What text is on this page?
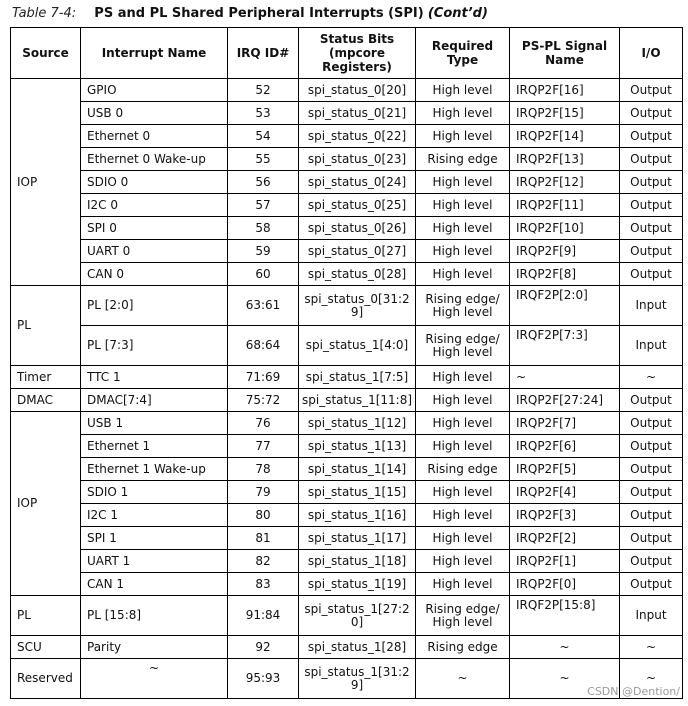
Table 7-4: PS and PL Shared Peripheral Interrupts (SPI) (Cont’d)
Source	Interrupt Name	IRQ ID#	Status Bits (mpcore Registers)	Required Type	PS-PL Signal Name	I/O
IOP	GPIO	52	spi_status_0[20]	High level	IRQP2F[16]	Output
	USB 0	53	spi_status_0[21]	High level	IRQP2F[15]	Output
	Ethernet 0	54	spi_status_0[22]	High level	IRQP2F[14]	Output
	Ethernet 0 Wake-up	55	spi_status_0[23]	Rising edge	IRQP2F[13]	Output
	SDIO 0	56	spi_status_0[24]	High level	IRQP2F[12]	Output
	I2C 0	57	spi_status_0[25]	High level	IRQP2F[11]	Output
	SPI 0	58	spi_status_0[26]	High level	IRQP2F[10]	Output
	UART 0	59	spi_status_0[27]	High level	IRQP2F[9]	Output
	CAN 0	60	spi_status_0[28]	High level	IRQP2F[8]	Output
PL	PL [2:0]	63:61	spi_status_0[31:29]	Rising edge/ High level	IRQF2P[2:0]	Input
	PL [7:3]	68:64	spi_status_1[4:0]	Rising edge/ High level	IRQF2P[7:3]	Input
Timer	TTC 1	71:69	spi_status_1[7:5]	High level	~	~
DMAC	DMAC[7:4]	75:72	spi_status_1[11:8]	High level	IRQP2F[27:24]	Output
IOP	USB 1	76	spi_status_1[12]	High level	IRQP2F[7]	Output
	Ethernet 1	77	spi_status_1[13]	High level	IRQP2F[6]	Output
	Ethernet 1 Wake-up	78	spi_status_1[14]	Rising edge	IRQP2F[5]	Output
	SDIO 1	79	spi_status_1[15]	High level	IRQP2F[4]	Output
	I2C 1	80	spi_status_1[16]	High level	IRQP2F[3]	Output
	SPI 1	81	spi_status_1[17]	High level	IRQP2F[2]	Output
	UART 1	82	spi_status_1[18]	High level	IRQP2F[1]	Output
	CAN 1	83	spi_status_1[19]	High level	IRQP2F[0]	Output
PL	PL [15:8]	91:84	spi_status_1[27:20]	Rising edge/ High level	IRQF2P[15:8]	Input
SCU	Parity	92	spi_status_1[28]	Rising edge	~	~
Reserved	~	95:93	spi_status_1[31:29]	~	~	~
CSDN @Dention/
